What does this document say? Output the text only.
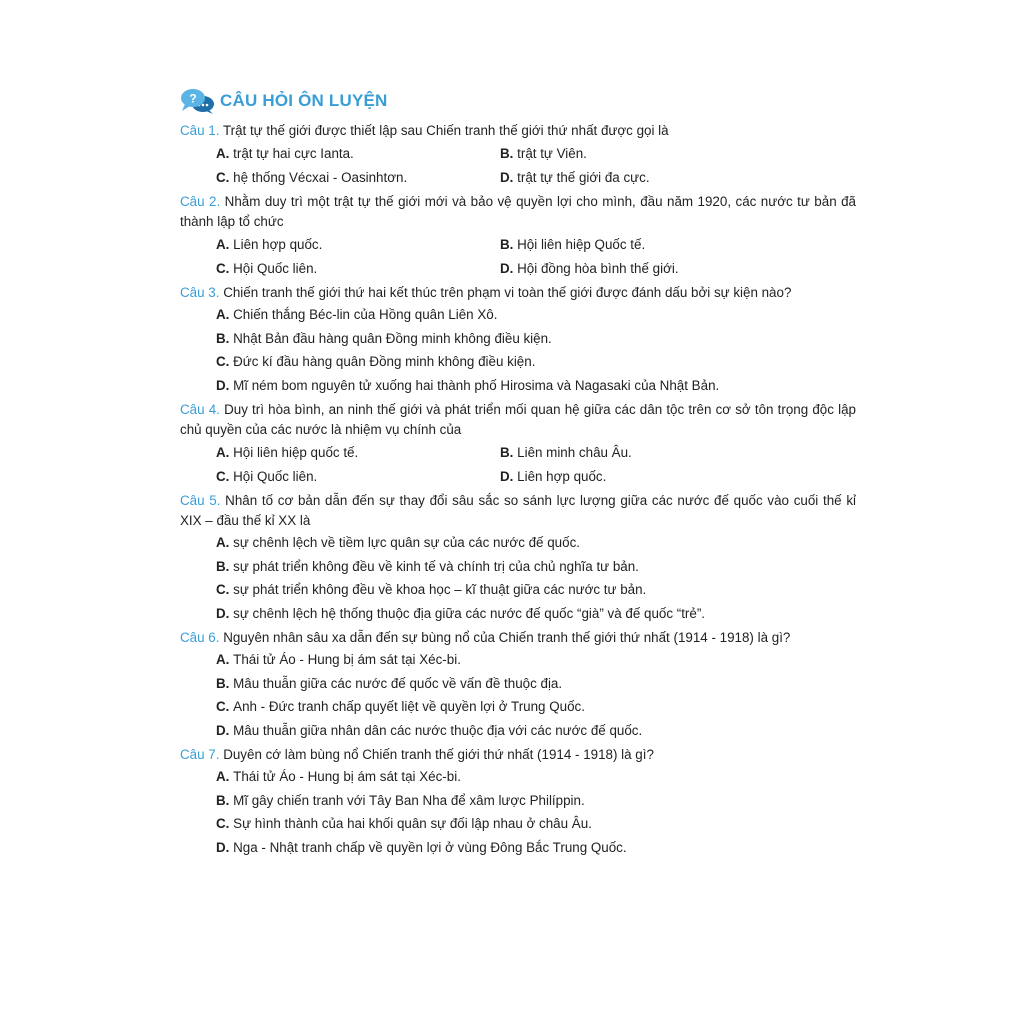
? CÂU HỎI ÔN LUYỆN
Câu 1. Trật tự thế giới được thiết lập sau Chiến tranh thế giới thứ nhất được gọi là
A. trật tự hai cực Ianta.	B. trật tự Viên.
C. hệ thống Vécxai - Oasinhtơn.	D. trật tự thế giới đa cực.
Câu 2. Nhằm duy trì một trật tự thế giới mới và bảo vệ quyền lợi cho mình, đầu năm 1920, các nước tư bản đã thành lập tổ chức
A. Liên hợp quốc.	B. Hội liên hiệp Quốc tế.
C. Hội Quốc liên.	D. Hội đồng hòa bình thế giới.
Câu 3. Chiến tranh thế giới thứ hai kết thúc trên phạm vi toàn thế giới được đánh dấu bởi sự kiện nào?
A.
Chiến thắng Béc-lin của Hồng quân Liên Xô.
B.
Nhật Bản đầu hàng quân Đồng minh không điều kiện.
C.
Đức kí đầu hàng quân Đồng minh không điều kiện.
D.
Mĩ ném bom nguyên tử xuống hai thành phố Hirosima và Nagasaki của Nhật Bản.
Câu 4. Duy trì hòa bình, an ninh thế giới và phát triển mối quan hệ giữa các dân tộc trên cơ sở tôn trọng độc lập chủ quyền của các nước là nhiệm vụ chính của
A. Hội liên hiệp quốc tế.	B. Liên minh châu Âu.
C. Hội Quốc liên.	D. Liên hợp quốc.
Câu 5. Nhân tố cơ bản dẫn đến sự thay đổi sâu sắc so sánh lực lượng giữa các nước đế quốc vào cuối thế kỉ XIX – đầu thế kỉ XX là
A.
sự chênh lệch về tiềm lực quân sự của các nước đế quốc.
B.
sự phát triển không đều về kinh tế và chính trị của chủ nghĩa tư bản.
C.
sự phát triển không đều về khoa học – kĩ thuật giữa các nước tư bản.
D.
sự chênh lệch hệ thống thuộc địa giữa các nước đế quốc “già” và đế quốc “trẻ”.
Câu 6. Nguyên nhân sâu xa dẫn đến sự bùng nổ của Chiến tranh thế giới thứ nhất (1914 - 1918) là gì?
A.
Thái tử Áo - Hung bị ám sát tại Xéc-bi.
B.
Mâu thuẫn giữa các nước đế quốc về vấn đề thuộc địa.
C.
Anh - Đức tranh chấp quyết liệt về quyền lợi ở Trung Quốc.
D.
Mâu thuẫn giữa nhân dân các nước thuộc địa với các nước đế quốc.
Câu 7. Duyên cớ làm bùng nổ Chiến tranh thế giới thứ nhất (1914 - 1918) là gì?
A.
Thái tử Áo - Hung bị ám sát tại Xéc-bi.
B.
Mĩ gây chiến tranh với Tây Ban Nha để xâm lược Philíppin.
C.
Sự hình thành của hai khối quân sự đối lập nhau ở châu Âu.
D.
Nga - Nhật tranh chấp về quyền lợi ở vùng Đông Bắc Trung Quốc.
